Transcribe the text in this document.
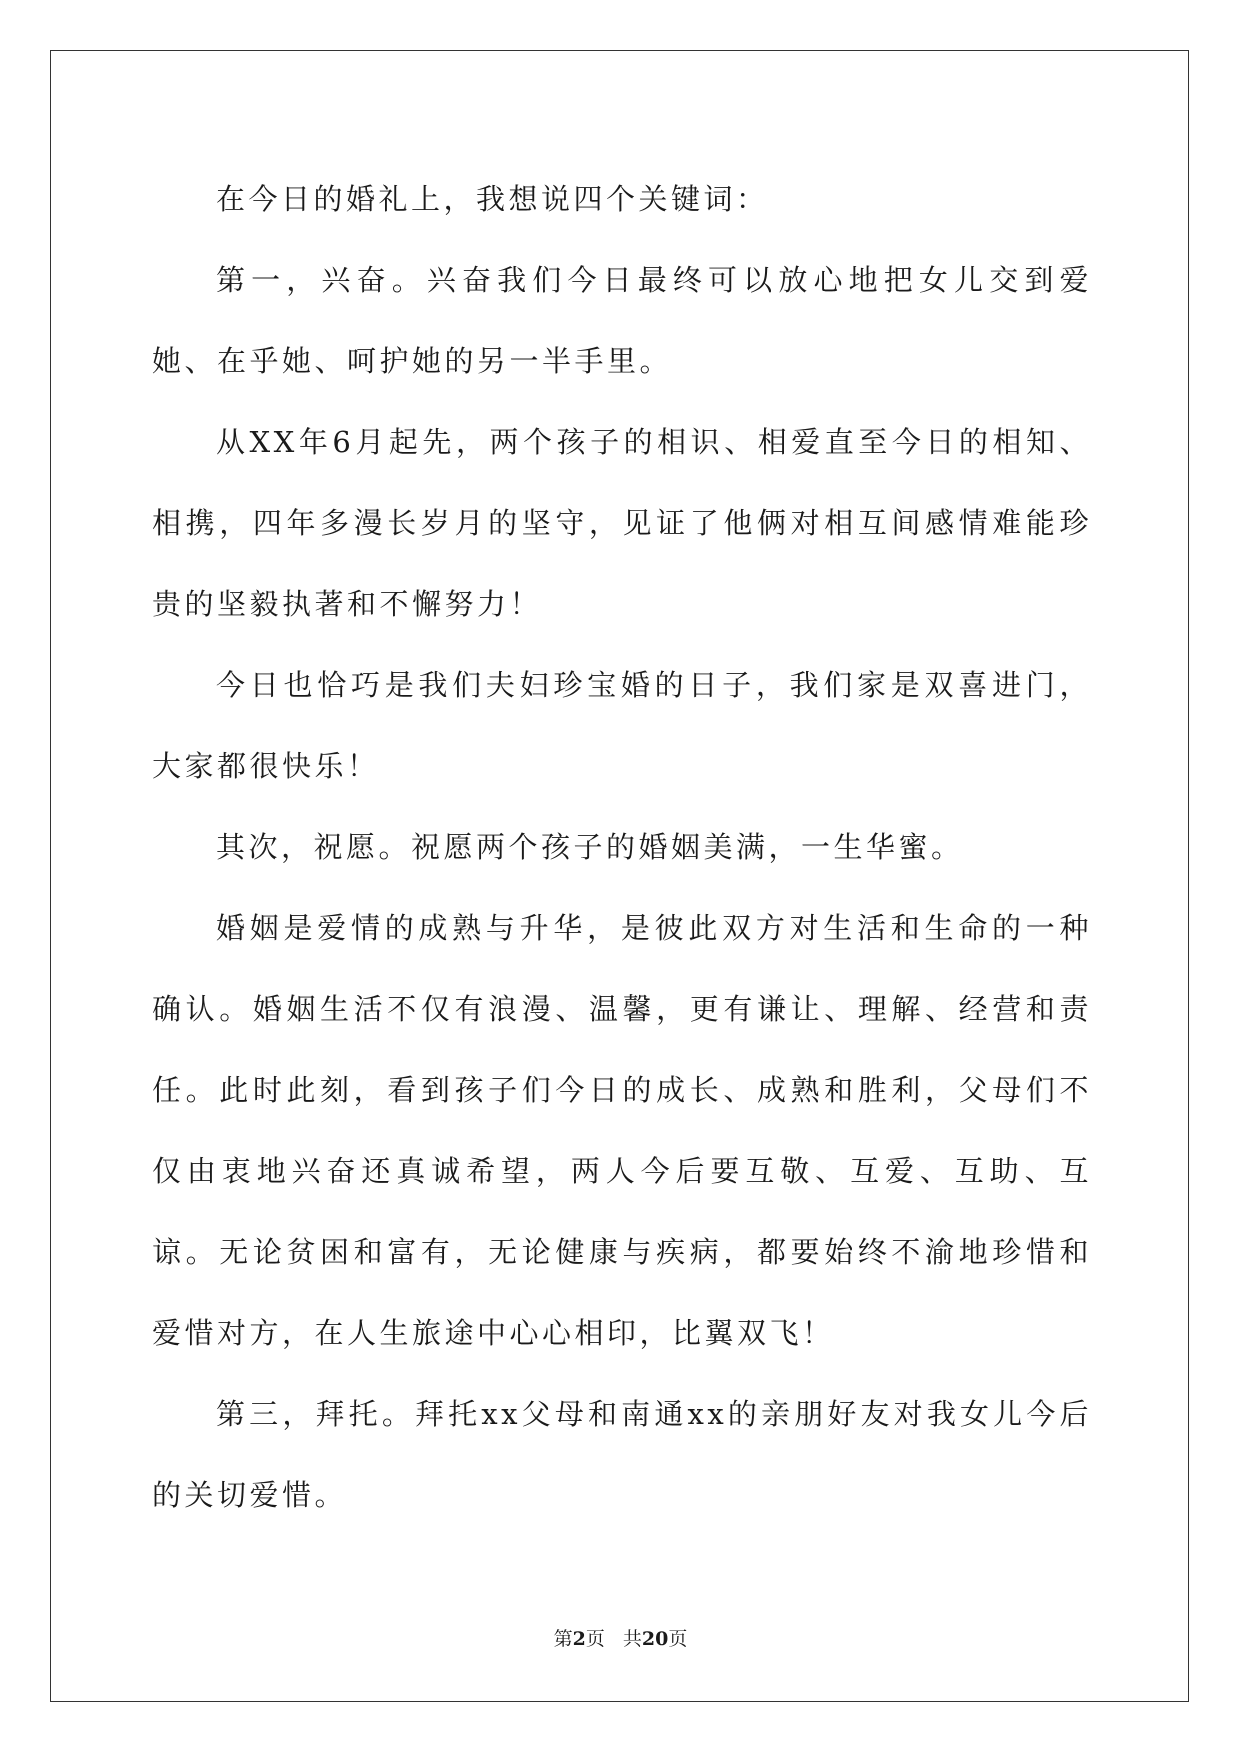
在今日的婚礼上，我想说四个关键词：

第一，兴奋。兴奋我们今日最终可以放心地把女儿交到爱她、在乎她、呵护她的另一半手里。

从XX年6月起先，两个孩子的相识、相爱直至今日的相知、相携，四年多漫长岁月的坚守，见证了他俩对相互间感情难能珍贵的坚毅执著和不懈努力！

今日也恰巧是我们夫妇珍宝婚的日子，我们家是双喜进门，大家都很快乐！

其次，祝愿。祝愿两个孩子的婚姻美满，一生华蜜。

婚姻是爱情的成熟与升华，是彼此双方对生活和生命的一种确认。婚姻生活不仅有浪漫、温馨，更有谦让、理解、经营和责任。此时此刻，看到孩子们今日的成长、成熟和胜利，父母们不仅由衷地兴奋还真诚希望，两人今后要互敬、互爱、互助、互谅。无论贫困和富有，无论健康与疾病，都要始终不渝地珍惜和爱惜对方，在人生旅途中心心相印，比翼双飞！

第三，拜托。拜托xx父母和南通xx的亲朋好友对我女儿今后的关切爱惜。

第2页 共20页
